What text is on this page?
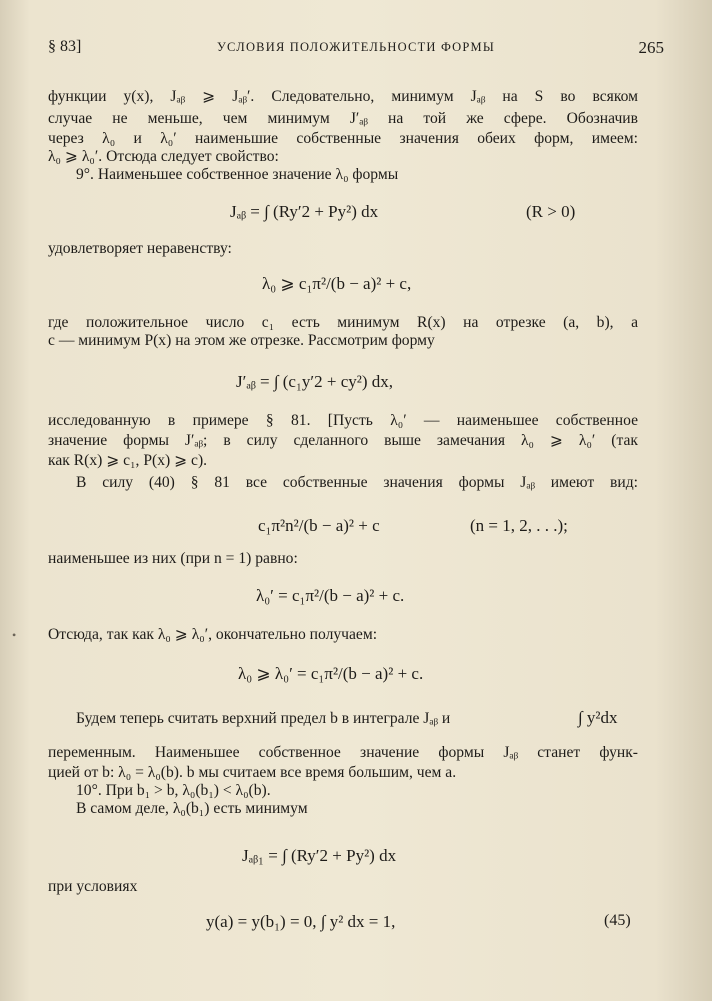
§ 83]	УСЛОВИЯ ПОЛОЖИТЕЛЬНОСТИ ФОРМЫ	265
функции y(x), Jₐᵦ ⩾ Jₐᵦ′. Следовательно, минимум Jₐᵦ на S во всяком
случае не меньше, чем минимум J′ₐᵦ на той же сфере. Обозначив
через λ₀ и λ₀′ наименьшие собственные значения обеих форм, имеем:
λ₀ ⩾ λ₀′. Отсюда следует свойство:
9°. Наименьшее собственное значение λ₀ формы
Jₐᵦ = ∫ (Ry′2 + Py²) dx	(R > 0)
удовлетворяет неравенству:
λ₀ ⩾ c₁π²/(b − a)² + c,
где положительное число c₁ есть минимум R(x) на отрезке (a, b), а
c — минимум P(x) на этом же отрезке. Рассмотрим форму
J′ₐᵦ = ∫ (c₁y′2 + cy²) dx,
исследованную в примере § 81. [Пусть λ₀′ — наименьшее собственное
значение формы J′ₐᵦ; в силу сделанного выше замечания λ₀ ⩾ λ₀′ (так
как R(x) ⩾ c₁, P(x) ⩾ c).
В силу (40) § 81 все собственные значения формы Jₐᵦ имеют вид:
c₁π²n²/(b − a)² + c	(n = 1, 2, . . .);
наименьшее из них (при n = 1) равно:
λ₀′ = c₁π²/(b − a)² + c.
Отсюда, так как λ₀ ⩾ λ₀′, окончательно получаем:
•
λ₀ ⩾ λ₀′ = c₁π²/(b − a)² + c.
Будем теперь считать верхний предел b в интеграле Jₐᵦ и	∫ y²dx
переменным. Наименьшее собственное значение формы Jₐᵦ станет функ-
цией от b: λ₀ = λ₀(b). b мы считаем все время большим, чем a.
10°. При b₁ > b, λ₀(b₁) < λ₀(b).
В самом деле, λ₀(b₁) есть минимум
Jₐᵦ₁ = ∫ (Ry′2 + Py²) dx
при условиях
y(a) = y(b₁) = 0, ∫ y² dx = 1,	(45)
